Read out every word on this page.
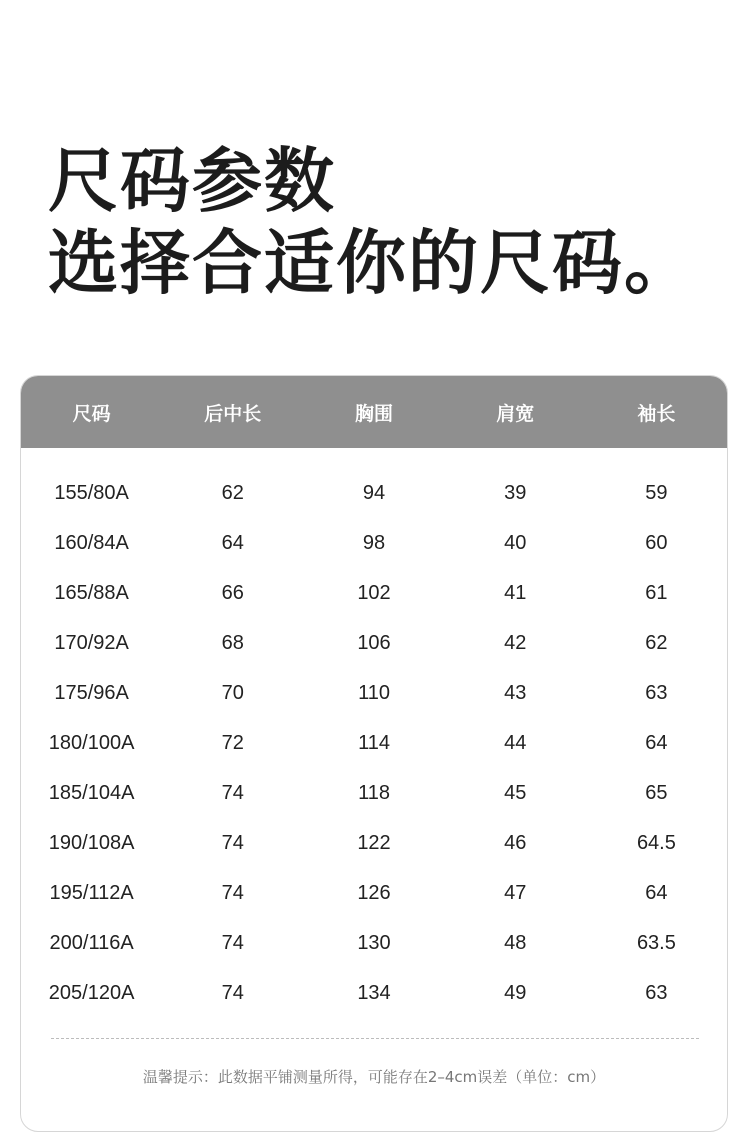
尺码参数
选择合适你的尺码。
尺码	后中长	胸围	肩宽	袖长
155/80A	62	94	39	59
160/84A	64	98	40	60
165/88A	66	102	41	61
170/92A	68	106	42	62
175/96A	70	110	43	63
180/100A	72	114	44	64
185/104A	74	118	45	65
190/108A	74	122	46	64.5
195/112A	74	126	47	64
200/116A	74	130	48	63.5
205/120A	74	134	49	63
温馨提示：此数据平铺测量所得，可能存在2–4cm误差（单位：cm）
